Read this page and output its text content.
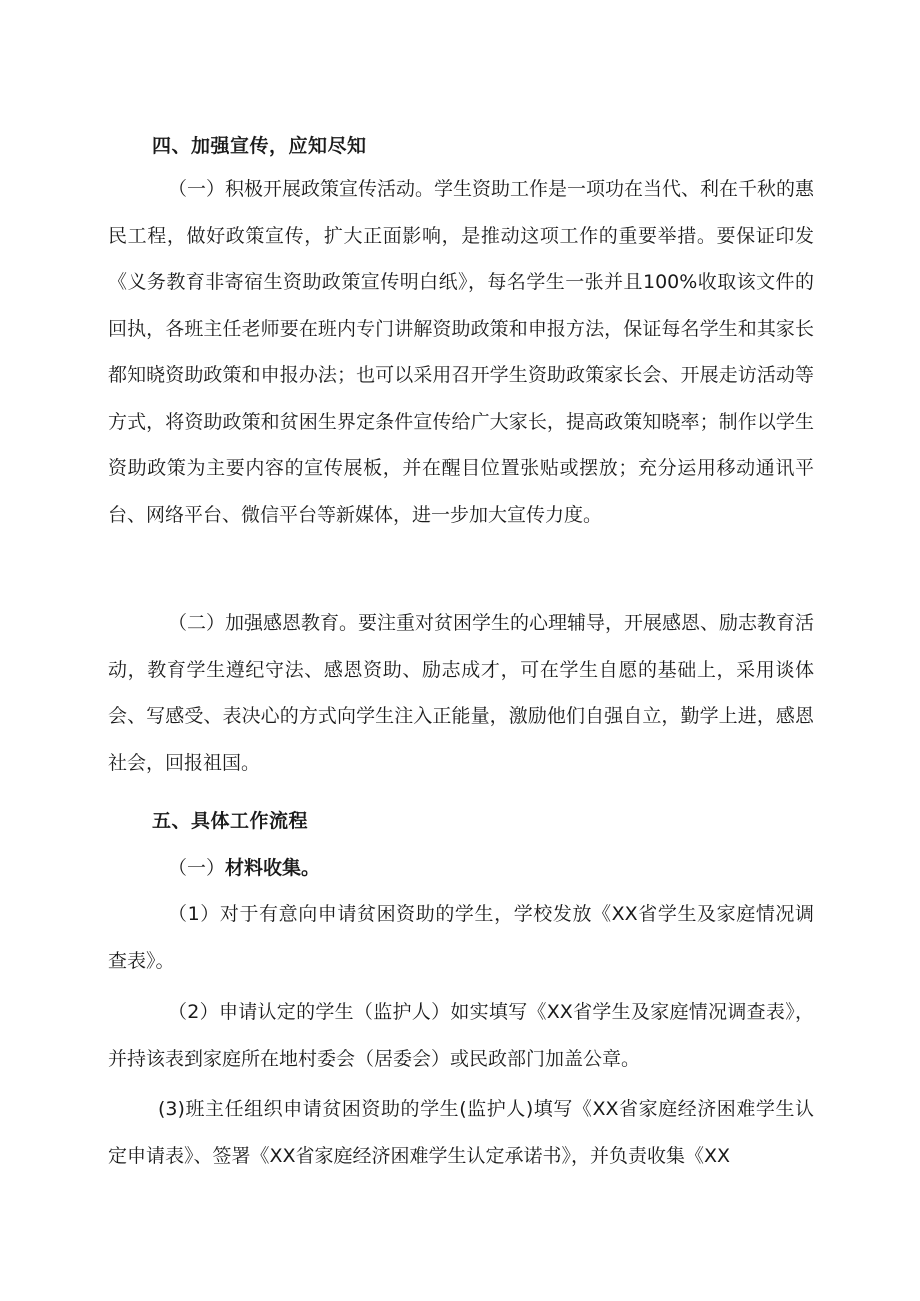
四、加强宣传，应知尽知

（一）积极开展政策宣传活动。学生资助工作是一项功在当代、利在千秋的惠民工程，做好政策宣传，扩大正面影响，是推动这项工作的重要举措。要保证印发《义务教育非寄宿生资助政策宣传明白纸》，每名学生一张并且100%收取该文件的回执，各班主任老师要在班内专门讲解资助政策和申报方法，保证每名学生和其家长都知晓资助政策和申报办法；也可以采用召开学生资助政策家长会、开展走访活动等方式，将资助政策和贫困生界定条件宣传给广大家长，提高政策知晓率；制作以学生资助政策为主要内容的宣传展板，并在醒目位置张贴或摆放；充分运用移动通讯平台、网络平台、微信平台等新媒体，进一步加大宣传力度。

（二）加强感恩教育。要注重对贫困学生的心理辅导，开展感恩、励志教育活动，教育学生遵纪守法、感恩资助、励志成才，可在学生自愿的基础上，采用谈体会、写感受、表决心的方式向学生注入正能量，激励他们自强自立，勤学上进，感恩社会，回报祖国。

五、具体工作流程
（一）材料收集。

（1）对于有意向申请贫困资助的学生，学校发放《XX省学生及家庭情况调查表》。

（2）申请认定的学生（监护人）如实填写《XX省学生及家庭情况调查表》，并持该表到家庭所在地村委会（居委会）或民政部门加盖公章。

(3)班主任组织申请贫困资助的学生(监护人)填写《XX省家庭经济困难学生认定申请表》、签署《XX省家庭经济困难学生认定承诺书》，并负责收集《XX
